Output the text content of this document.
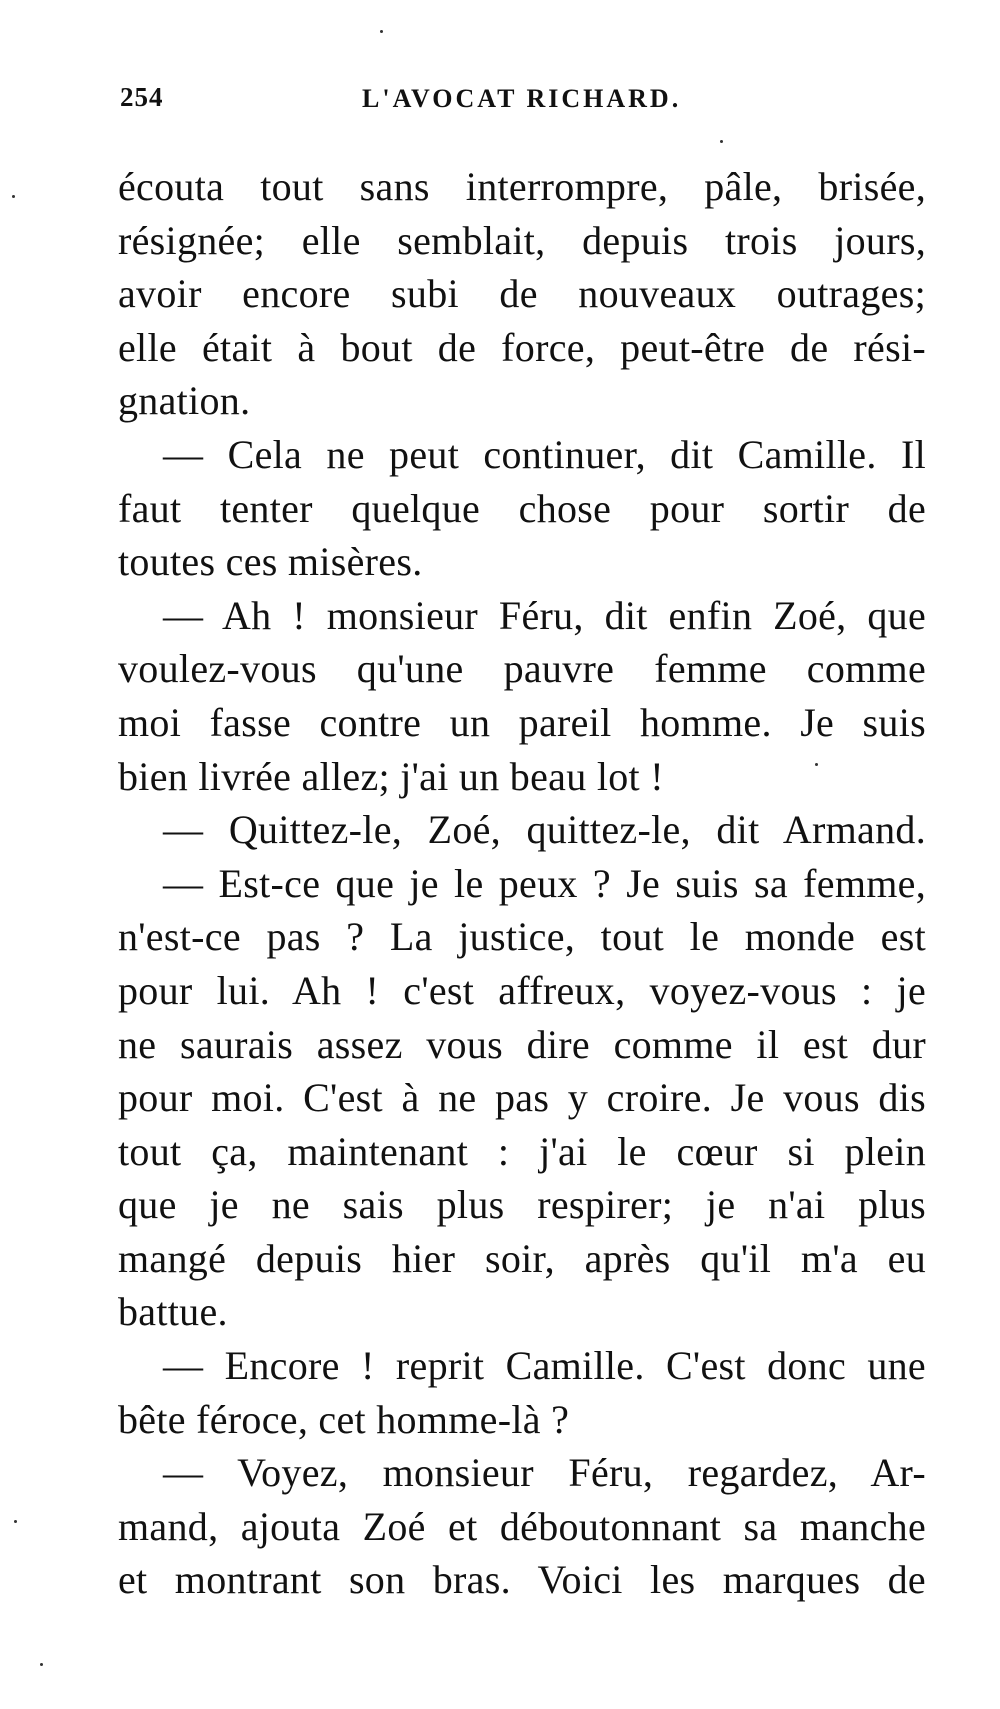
254	L'AVOCAT RICHARD.
écouta tout sans interrompre, pâle, brisée,
résignée; elle semblait, depuis trois jours,
avoir encore subi de nouveaux outrages;
elle était à bout de force, peut-être de rési-
gnation.
— Cela ne peut continuer, dit Camille. Il
faut tenter quelque chose pour sortir de
toutes ces misères.
— Ah ! monsieur Féru, dit enfin Zoé, que
voulez-vous qu'une pauvre femme comme
moi fasse contre un pareil homme. Je suis
bien livrée allez; j'ai un beau lot !
— Quittez-le, Zoé, quittez-le, dit Armand.
— Est-ce que je le peux ? Je suis sa femme,
n'est-ce pas ? La justice, tout le monde est
pour lui. Ah ! c'est affreux, voyez-vous : je
ne saurais assez vous dire comme il est dur
pour moi. C'est à ne pas y croire. Je vous dis
tout ça, maintenant : j'ai le cœur si plein
que je ne sais plus respirer; je n'ai plus
mangé depuis hier soir, après qu'il m'a eu
battue.
— Encore ! reprit Camille. C'est donc une
bête féroce, cet homme-là ?
— Voyez, monsieur Féru, regardez, Ar-
mand, ajouta Zoé et déboutonnant sa manche
et montrant son bras. Voici les marques de
